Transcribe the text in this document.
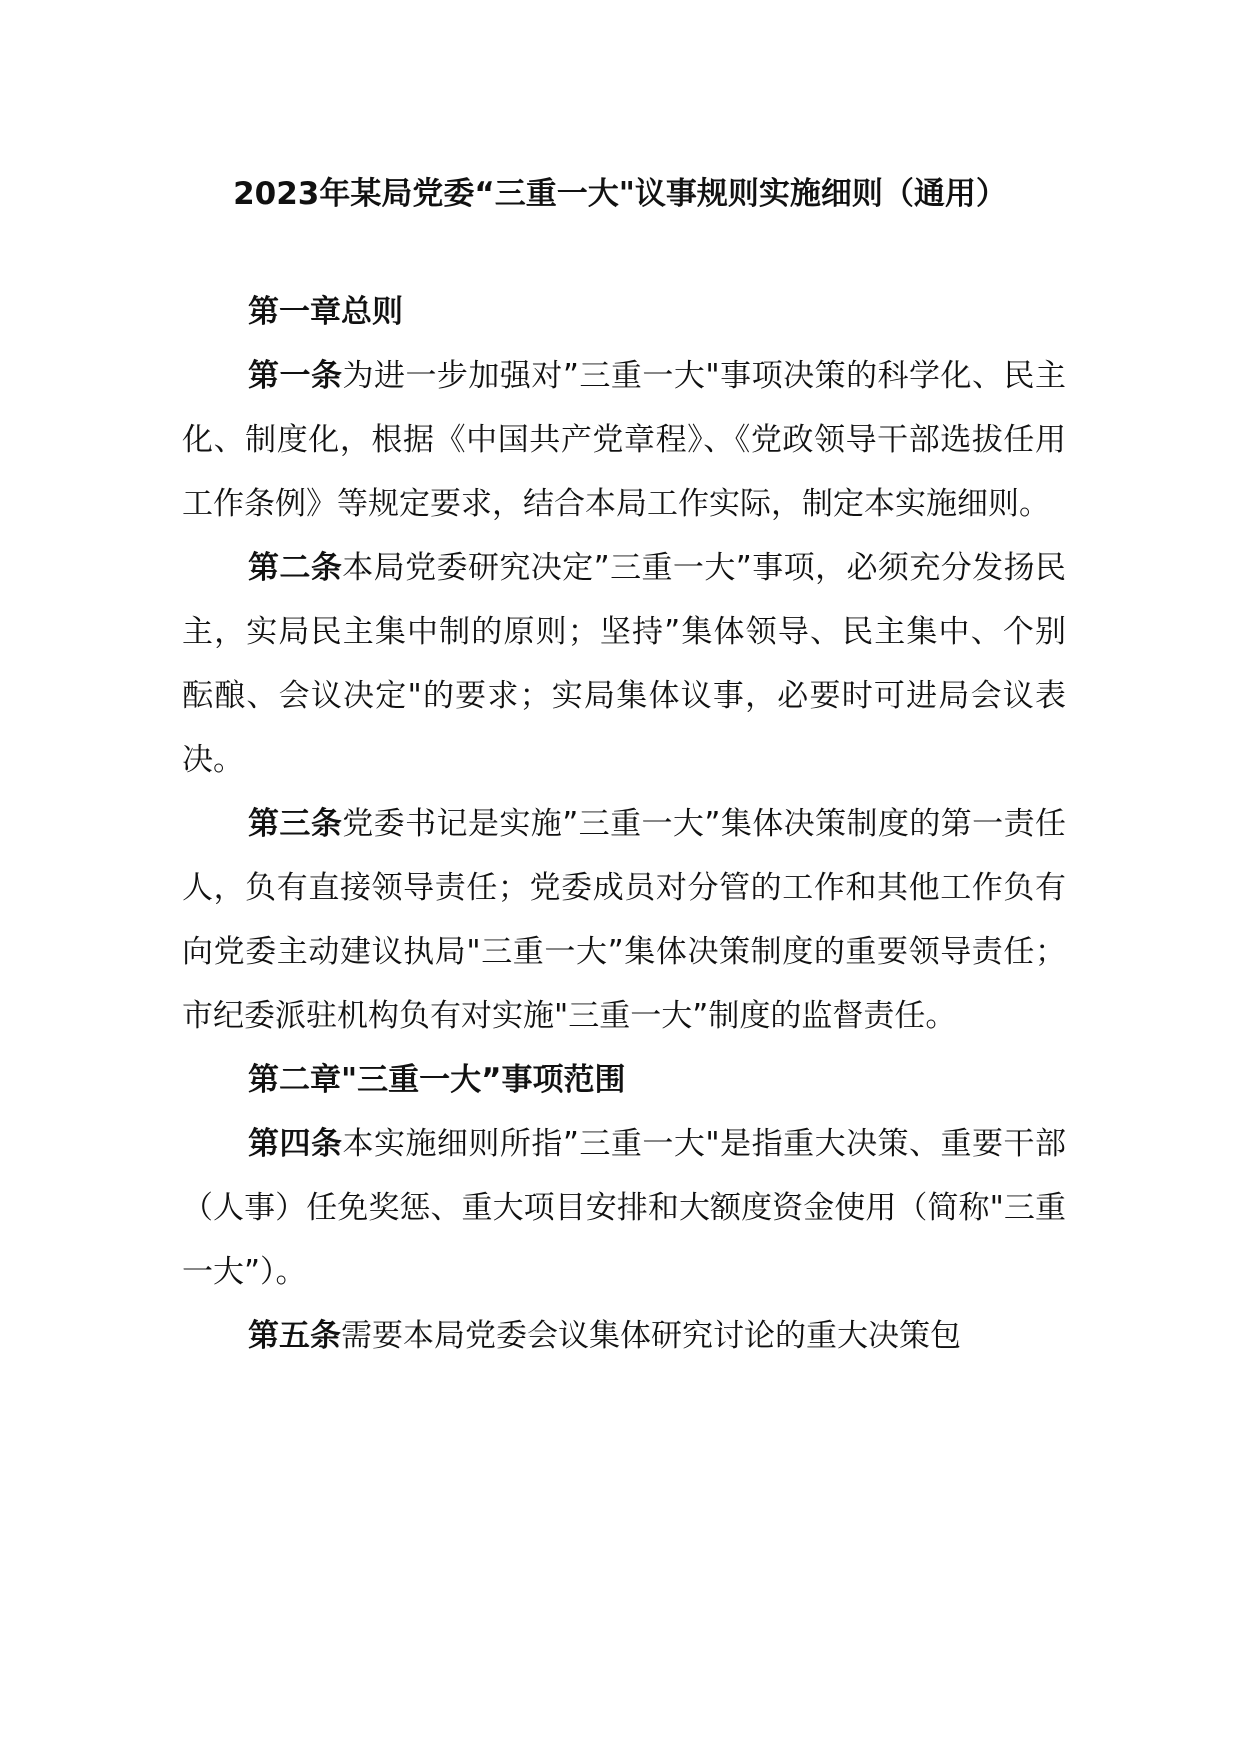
2023年某局党委“三重一大"议事规则实施细则（通用）

第一章总则

第一条为进一步加强对”三重一大"事项决策的科学化、民主化、制度化，根据《中国共产党章程》、《党政领导干部选拔任用工作条例》等规定要求，结合本局工作实际，制定本实施细则。

第二条本局党委研究决定”三重一大”事项，必须充分发扬民主，实局民主集中制的原则；坚持”集体领导、民主集中、个别酝酿、会议决定"的要求；实局集体议事，必要时可进局会议表决。

第三条党委书记是实施”三重一大”集体决策制度的第一责任人，负有直接领导责任；党委成员对分管的工作和其他工作负有向党委主动建议执局"三重一大”集体决策制度的重要领导责任；市纪委派驻机构负有对实施"三重一大”制度的监督责任。

第二章"三重一大”事项范围

第四条本实施细则所指”三重一大"是指重大决策、重要干部（人事）任免奖惩、重大项目安排和大额度资金使用（简称"三重一大”）。

第五条需要本局党委会议集体研究讨论的重大决策包
